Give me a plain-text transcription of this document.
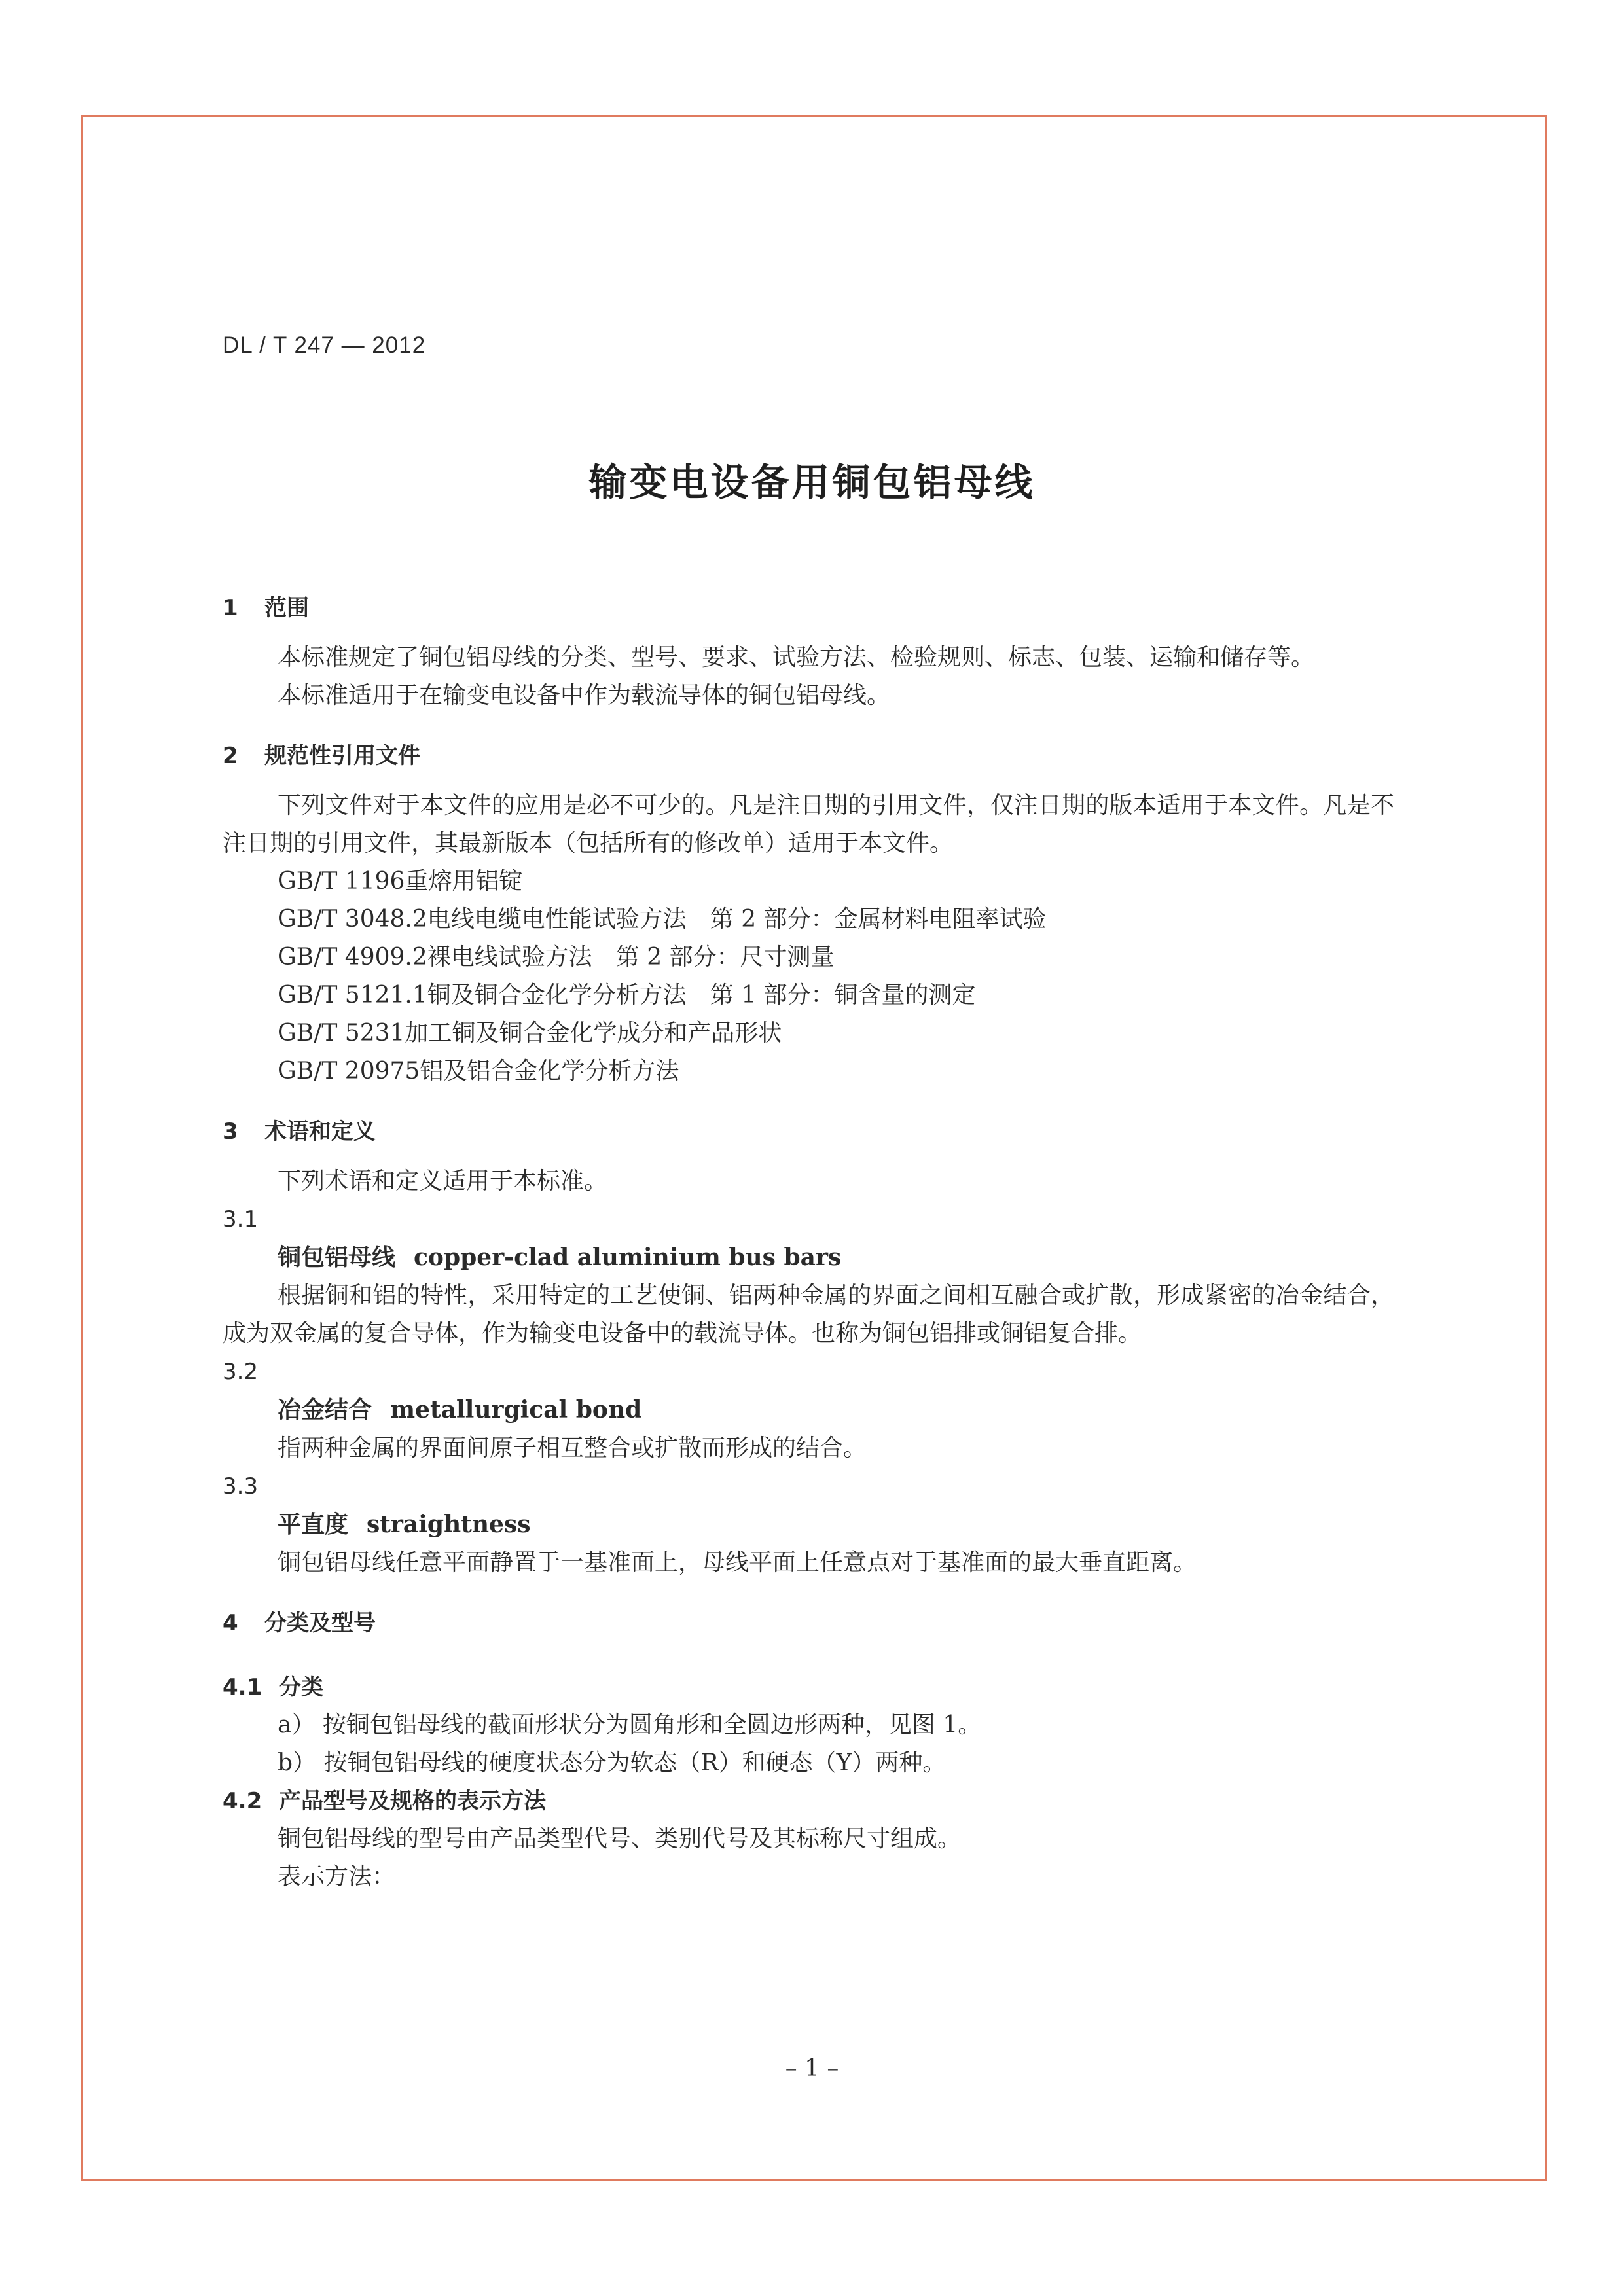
DL / T 247 — 2012
输变电设备用铜包铝母线
1 范围

本标准规定了铜包铝母线的分类、型号、要求、试验方法、检验规则、标志、包装、运输和储存等。

本标准适用于在输变电设备中作为载流导体的铜包铝母线。

2 规范性引用文件

下列文件对于本文件的应用是必不可少的。凡是注日期的引用文件，仅注日期的版本适用于本文件。凡是不注日期的引用文件，其最新版本（包括所有的修改单）适用于本文件。

GB/T 1196重熔用铝锭
GB/T 3048.2电线电缆电性能试验方法　第 2 部分：金属材料电阻率试验
GB/T 4909.2裸电线试验方法　第 2 部分：尺寸测量
GB/T 5121.1铜及铜合金化学分析方法　第 1 部分：铜含量的测定
GB/T 5231加工铜及铜合金化学成分和产品形状
GB/T 20975铝及铝合金化学分析方法
3 术语和定义

下列术语和定义适用于本标准。

3.1
铜包铝母线 copper-clad aluminium bus bars

根据铜和铝的特性，采用特定的工艺使铜、铝两种金属的界面之间相互融合或扩散，形成紧密的冶金结合，成为双金属的复合导体，作为输变电设备中的载流导体。也称为铜包铝排或铜铝复合排。

3.2
冶金结合 metallurgical bond

指两种金属的界面间原子相互整合或扩散而形成的结合。

3.3
平直度 straightness

铜包铝母线任意平面静置于一基准面上，母线平面上任意点对于基准面的最大垂直距离。

4 分类及型号
4.1 分类
a） 按铜包铝母线的截面形状分为圆角形和全圆边形两种，见图 1。
b） 按铜包铝母线的硬度状态分为软态（R）和硬态（Y）两种。
4.2 产品型号及规格的表示方法

铜包铝母线的型号由产品类型代号、类别代号及其标称尺寸组成。

表示方法：

– 1 –
